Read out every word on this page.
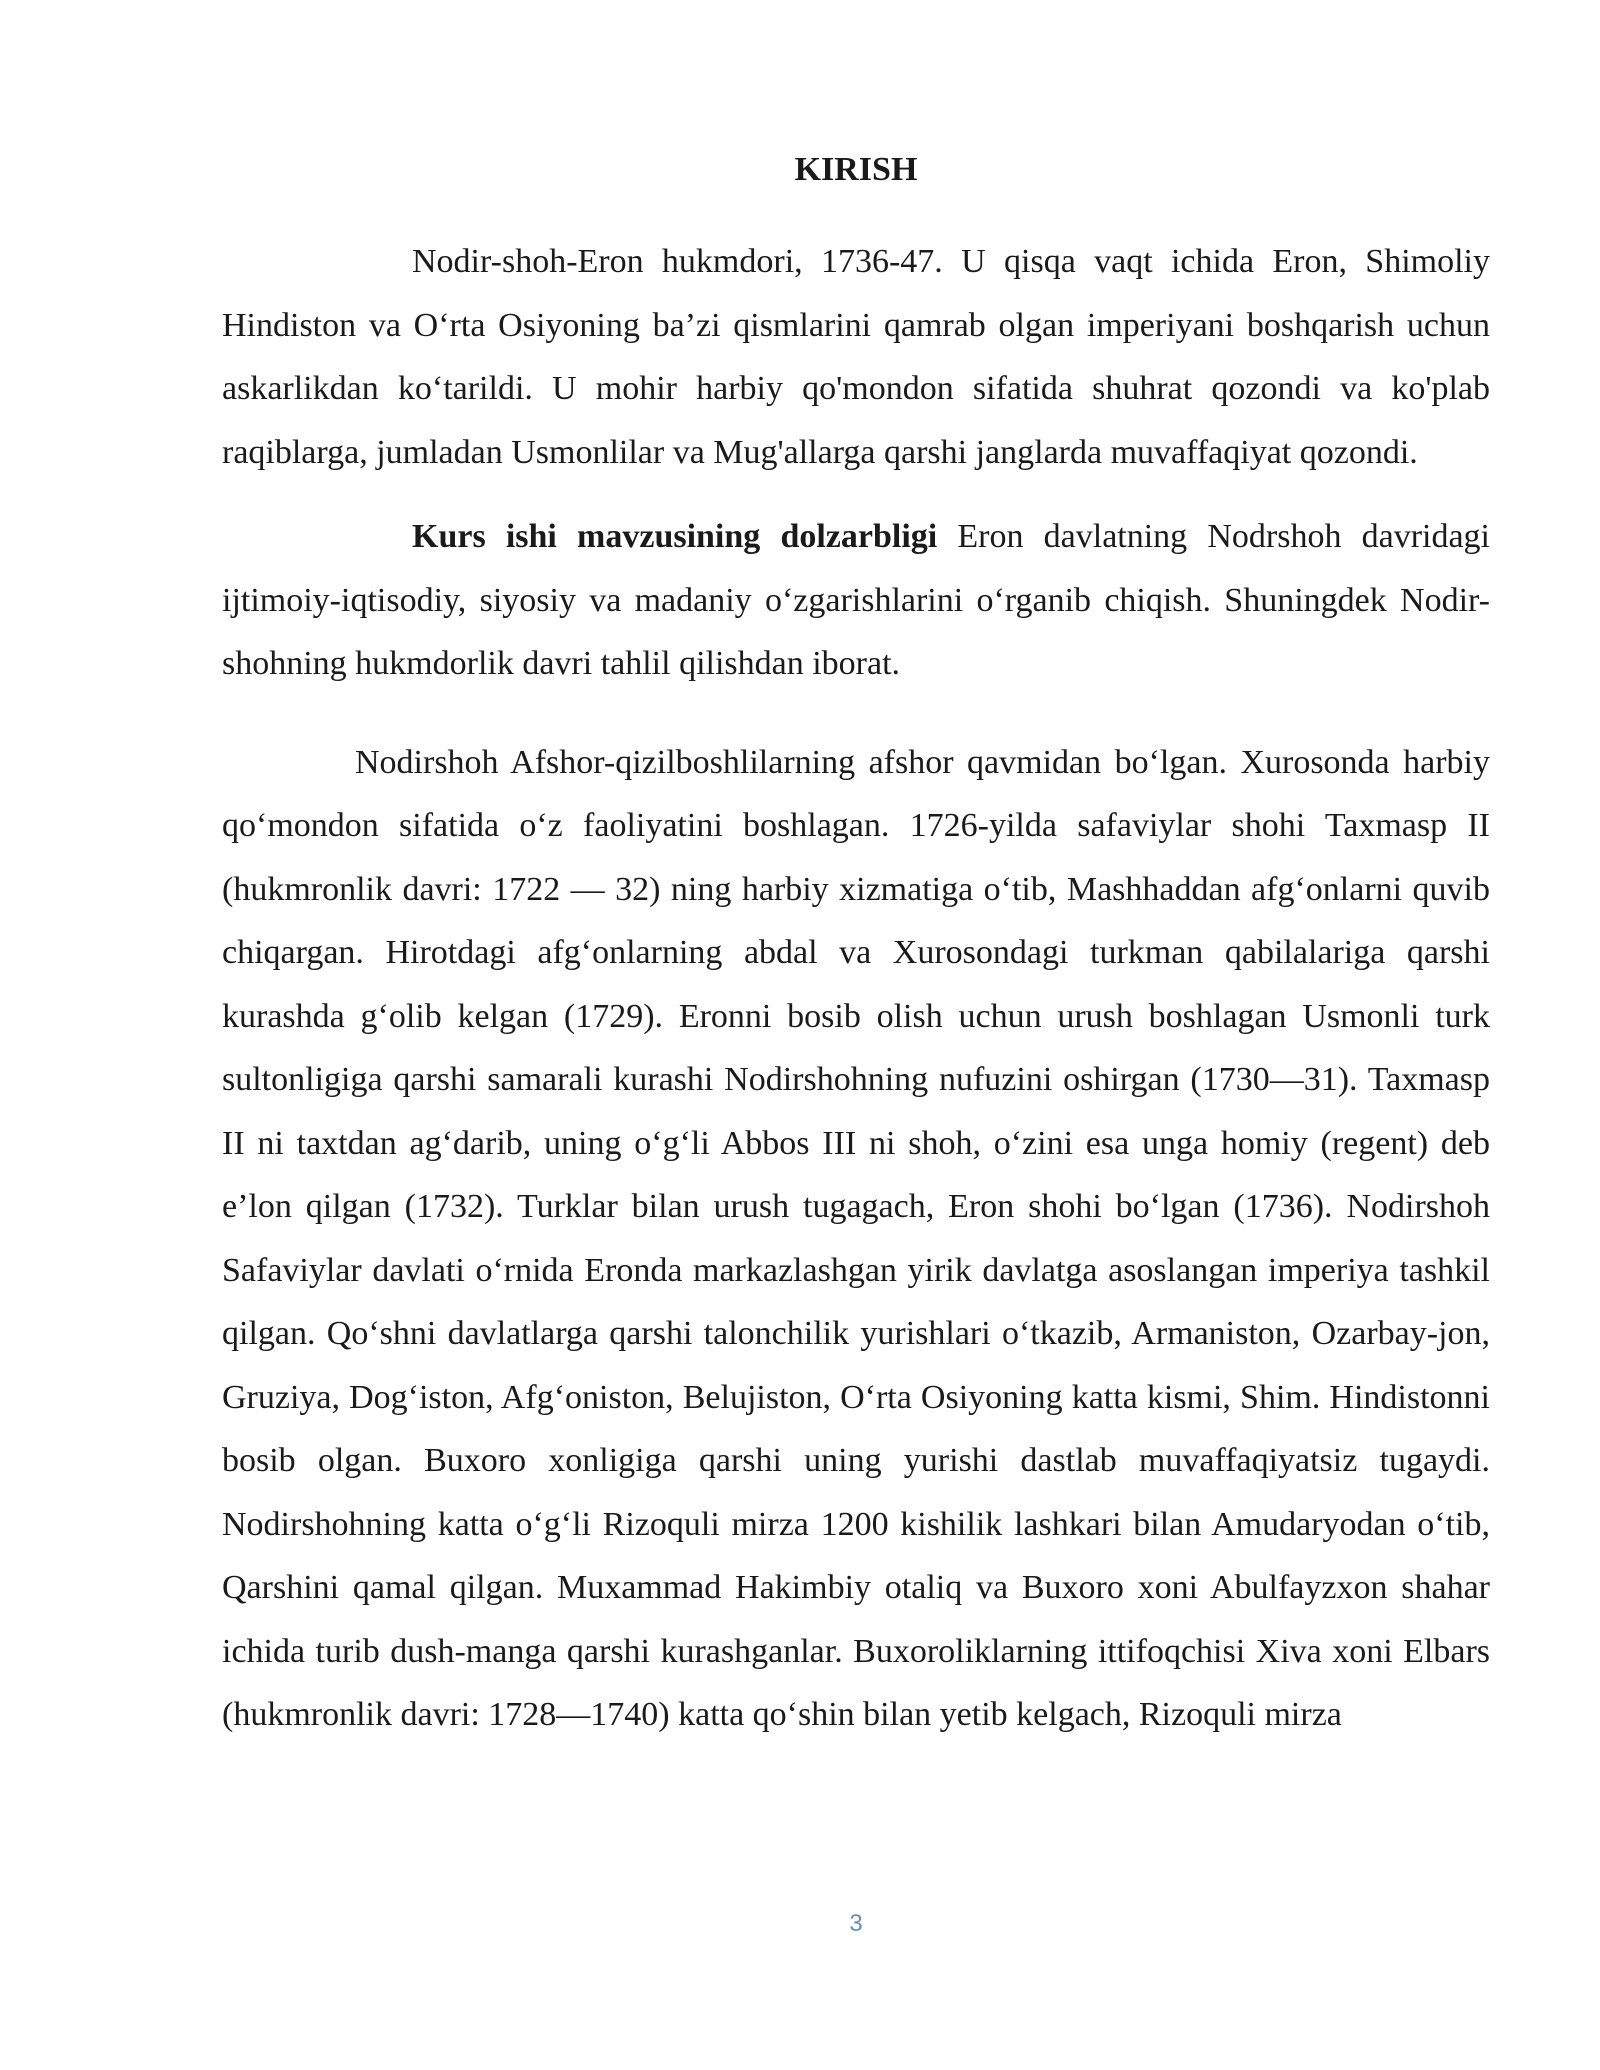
KIRISH

Nodir-shoh-Eron hukmdori, 1736-47. U qisqa vaqt ichida Eron, Shimoliy Hindiston va O‘rta Osiyoning ba’zi qismlarini qamrab olgan imperiyani boshqarish uchun askarlikdan ko‘tarildi. U mohir harbiy qo'mondon sifatida shuhrat qozondi va ko'plab raqiblarga, jumladan Usmonlilar va Mug'allarga qarshi janglarda muvaffaqiyat qozondi.

Kurs ishi mavzusining dolzarbligi Eron davlatning Nodrshoh davridagi ijtimoiy-iqtisodiy, siyosiy va madaniy o‘zgarishlarini o‘rganib chiqish. Shuningdek Nodir-shohning hukmdorlik davri tahlil qilishdan iborat.

Nodirshoh Afshor-qizilboshlilarning afshor qavmidan bo‘lgan. Xurosonda harbiy qo‘mondon sifatida o‘z faoliyatini boshlagan. 1726-yilda safaviylar shohi Taxmasp II (hukmronlik davri: 1722 — 32) ning harbiy xizmatiga o‘tib, Mashhaddan afg‘onlarni quvib chiqargan. Hirotdagi afg‘onlarning abdal va Xurosondagi turkman qabilalariga qarshi kurashda g‘olib kelgan (1729). Eronni bosib olish uchun urush boshlagan Usmonli turk sultonligiga qarshi samarali kurashi Nodirshohning nufuzini oshirgan (1730—31). Taxmasp II ni taxtdan ag‘darib, uning o‘g‘li Abbos III ni shoh, o‘zini esa unga homiy (regent) deb e’lon qilgan (1732). Turklar bilan urush tugagach, Eron shohi bo‘lgan (1736). Nodirshoh Safaviylar davlati o‘rnida Eronda markazlashgan yirik davlatga asoslangan imperiya tashkil qilgan. Qo‘shni davlatlarga qarshi talonchilik yurishlari o‘tkazib, Armaniston, Ozarbay-jon, Gruziya, Dog‘iston, Afg‘oniston, Belujiston, O‘rta Osiyoning katta kismi, Shim. Hindistonni bosib olgan. Buxoro xonligiga qarshi uning yurishi dastlab muvaffaqiyatsiz tugaydi. Nodirshohning katta o‘g‘li Rizoquli mirza 1200 kishilik lashkari bilan Amudaryodan o‘tib, Qarshini qamal qilgan. Muxammad Hakimbiy otaliq va Buxoro xoni Abulfayzxon shahar ichida turib dush-manga qarshi kurashganlar. Buxoroliklarning ittifoqchisi Xiva xoni Elbars (hukmronlik davri: 1728—1740) katta qo‘shin bilan yetib kelgach, Rizoquli mirza

3
